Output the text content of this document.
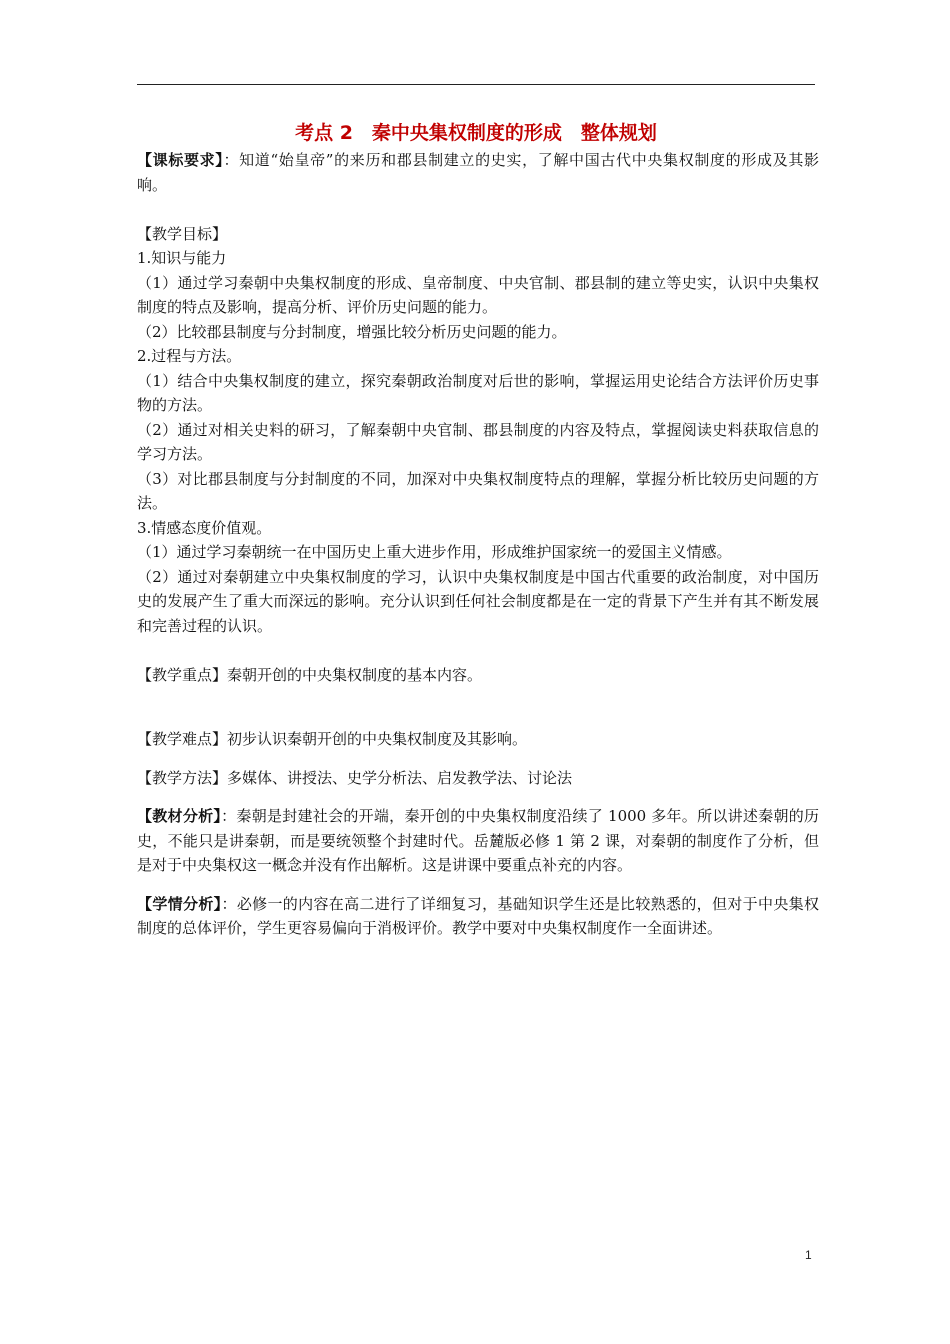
考点 2　秦中央集权制度的形成　整体规划

【课标要求】：知道“始皇帝”的来历和郡县制建立的史实，了解中国古代中央集权制度的形成及其影响。

【教学目标】

1.知识与能力

（1）通过学习秦朝中央集权制度的形成、皇帝制度、中央官制、郡县制的建立等史实，认识中央集权制度的特点及影响，提高分析、评价历史问题的能力。

（2）比较郡县制度与分封制度，增强比较分析历史问题的能力。

2.过程与方法。

（1）结合中央集权制度的建立，探究秦朝政治制度对后世的影响，掌握运用史论结合方法评价历史事物的方法。

（2）通过对相关史料的研习，了解秦朝中央官制、郡县制度的内容及特点，掌握阅读史料获取信息的学习方法。

（3）对比郡县制度与分封制度的不同，加深对中央集权制度特点的理解，掌握分析比较历史问题的方法。

3.情感态度价值观。

（1）通过学习秦朝统一在中国历史上重大进步作用，形成维护国家统一的爱国主义情感。

（2）通过对秦朝建立中央集权制度的学习，认识中央集权制度是中国古代重要的政治制度，对中国历史的发展产生了重大而深远的影响。充分认识到任何社会制度都是在一定的背景下产生并有其不断发展和完善过程的认识。

【教学重点】秦朝开创的中央集权制度的基本内容。

【教学难点】初步认识秦朝开创的中央集权制度及其影响。

【教学方法】多媒体、讲授法、史学分析法、启发教学法、讨论法

【教材分析】：秦朝是封建社会的开端，秦开创的中央集权制度沿续了 1000 多年。所以讲述秦朝的历史，不能只是讲秦朝，而是要统领整个封建时代。岳麓版必修 1 第 2 课，对秦朝的制度作了分析，但是对于中央集权这一概念并没有作出解析。这是讲课中要重点补充的内容。

【学情分析】：必修一的内容在高二进行了详细复习，基础知识学生还是比较熟悉的，但对于中央集权制度的总体评价，学生更容易偏向于消极评价。教学中要对中央集权制度作一全面讲述。

1
